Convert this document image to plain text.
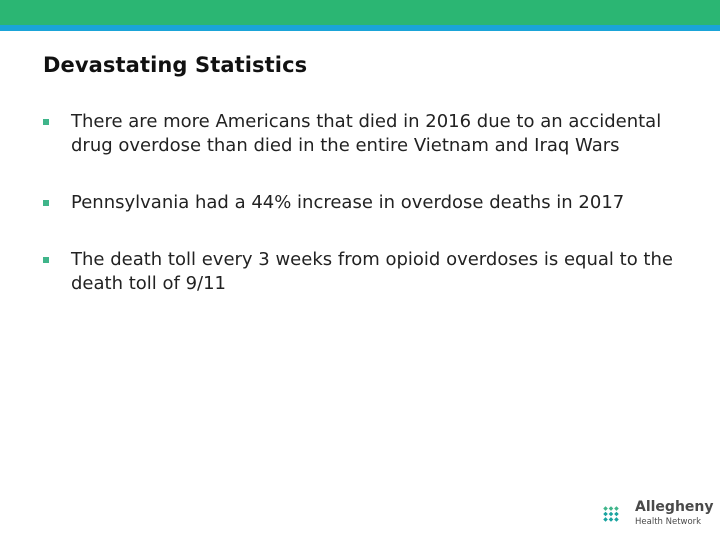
Devastating Statistics
There are more Americans that died in 2016 due to an accidental drug overdose than died in the entire Vietnam and Iraq Wars
Pennsylvania had a 44% increase in overdose deaths in 2017
The death toll every 3 weeks from opioid overdoses is equal to the death toll of 9/11
Allegheny
Health Network
